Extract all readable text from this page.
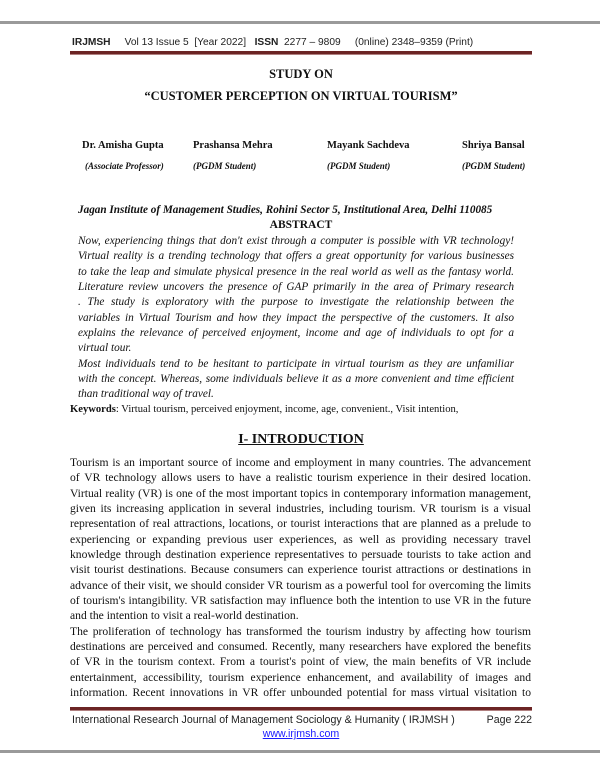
IRJMSH Vol 13 Issue 5  [Year 2022] ISSN 2277 – 9809 (0nline) 2348–9359 (Print)
STUDY ON
“CUSTOMER PERCEPTION ON VIRTUAL TOURISM”
Dr. Amisha Gupta	Prashansa Mehra	Mayank Sachdeva	Shriya Bansal
(Associate Professor)	(PGDM Student)	(PGDM Student)	(PGDM Student)
Jagan Institute of Management Studies, Rohini Sector 5, Institutional Area, Delhi 110085
ABSTRACT
Now, experiencing things that don't exist through a computer is possible with VR technology!
Virtual reality is a trending technology that offers a great opportunity for various businesses
to take the leap and simulate physical presence in the real world as well as the fantasy world.
Literature review uncovers the presence of GAP primarily in the area of Primary research
. The study is exploratory with the purpose to investigate the relationship between the
variables in Virtual Tourism and how they impact the perspective of the customers. It also
explains the relevance of perceived enjoyment, income and age of individuals to opt for a
virtual tour.
Most individuals tend to be hesitant to participate in virtual tourism as they are unfamiliar
with the concept. Whereas, some individuals believe it as a more convenient and time efficient
than traditional way of travel.
Keywords: Virtual tourism, perceived enjoyment, income, age, convenient., Visit intention,
I- INTRODUCTION
Tourism is an important source of income and employment in many countries. The advancement
of VR technology allows users to have a realistic tourism experience in their desired location.
Virtual reality (VR) is one of the most important topics in contemporary information management,
given its increasing application in several industries, including tourism. VR tourism is a visual
representation of real attractions, locations, or tourist interactions that are planned as a prelude to
experiencing or expanding previous user experiences, as well as providing necessary travel
knowledge through destination experience representatives to persuade tourists to take action and
visit tourist destinations. Because consumers can experience tourist attractions or destinations in
advance of their visit, we should consider VR tourism as a powerful tool for overcoming the limits
of tourism's intangibility. VR satisfaction may influence both the intention to use VR in the future
and the intention to visit a real-world destination.
The proliferation of technology has transformed the tourism industry by affecting how tourism
destinations are perceived and consumed. Recently, many researchers have explored the benefits
of VR in the tourism context. From a tourist's point of view, the main benefits of VR include
entertainment, accessibility, tourism experience enhancement, and availability of images and
information. Recent innovations in VR offer unbounded potential for mass virtual visitation to
International Research Journal of Management Sociology & Humanity ( IRJMSH )	Page 222
www.irjmsh.com
